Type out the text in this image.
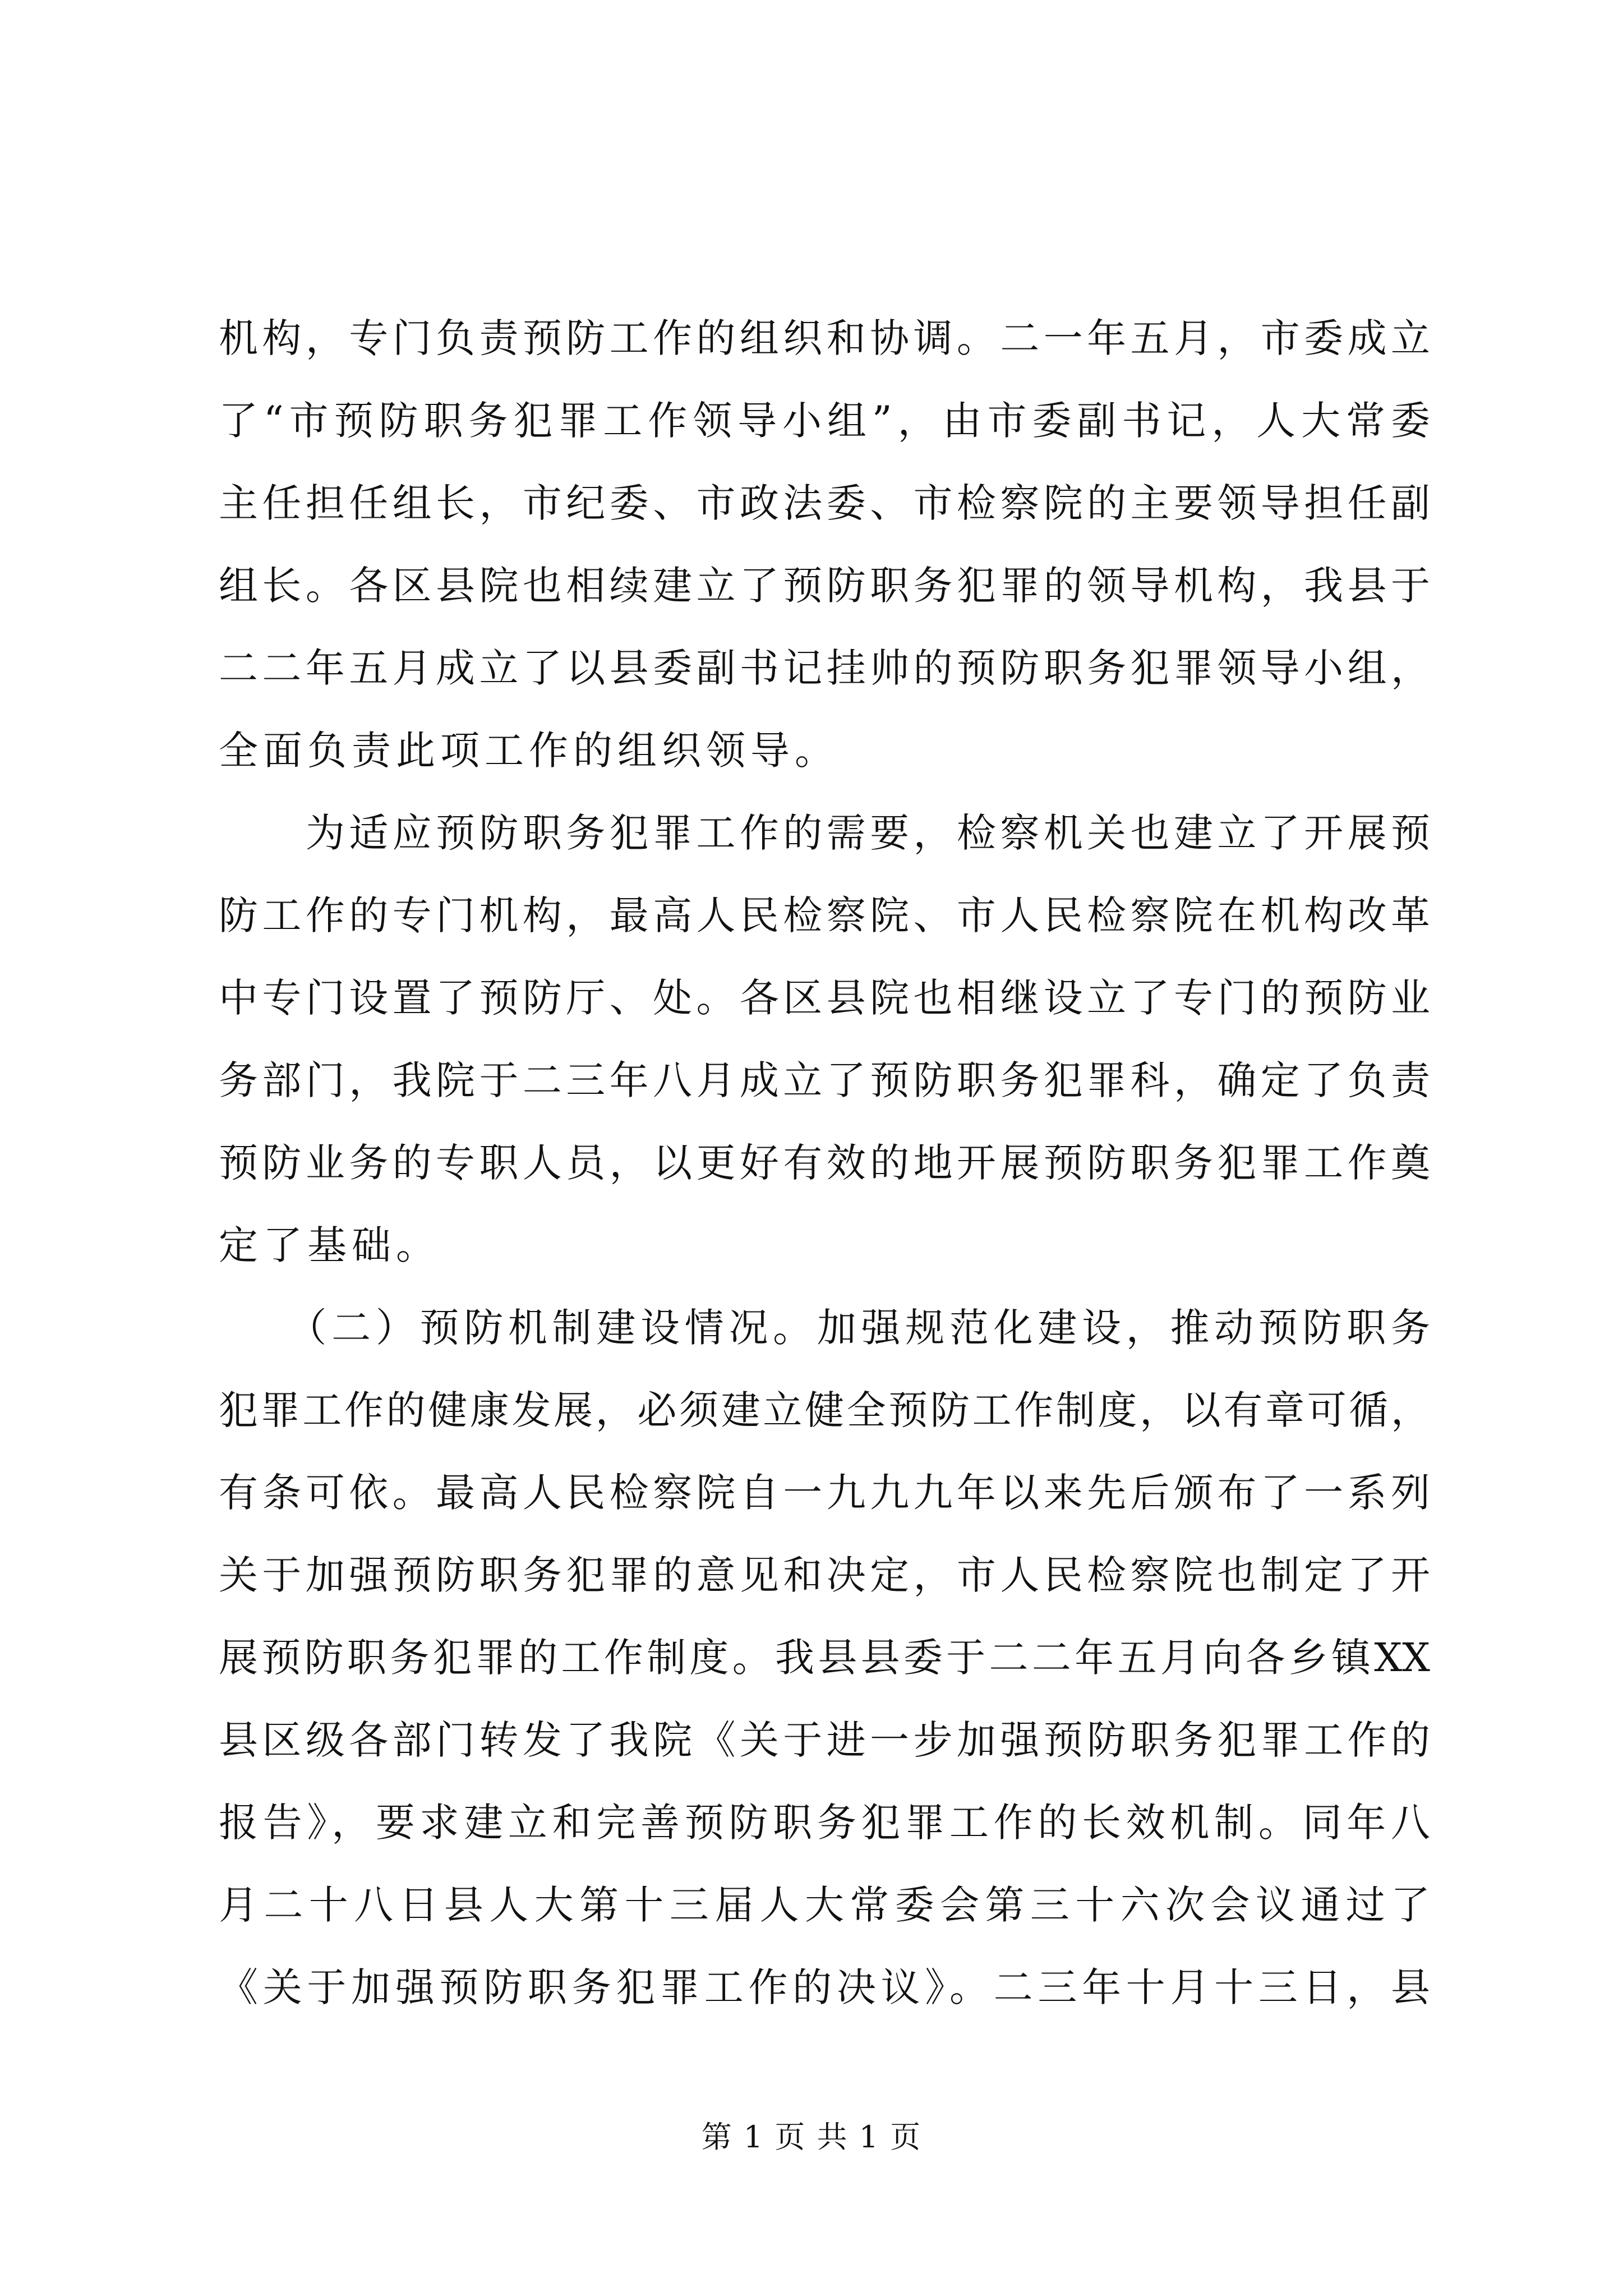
机构，专门负责预防工作的组织和协调。二一年五月，市委成立
了“市预防职务犯罪工作领导小组”，由市委副书记，人大常委
主任担任组长，市纪委、市政法委、市检察院的主要领导担任副
组长。各区县院也相续建立了预防职务犯罪的领导机构，我县于
二二年五月成立了以县委副书记挂帅的预防职务犯罪领导小组，
全面负责此项工作的组织领导。
　　为适应预防职务犯罪工作的需要，检察机关也建立了开展预
防工作的专门机构，最高人民检察院、市人民检察院在机构改革
中专门设置了预防厅、处。各区县院也相继设立了专门的预防业
务部门，我院于二三年八月成立了预防职务犯罪科，确定了负责
预防业务的专职人员，以更好有效的地开展预防职务犯罪工作奠
定了基础。
　　（二）预防机制建设情况。加强规范化建设，推动预防职务
犯罪工作的健康发展，必须建立健全预防工作制度，以有章可循，
有条可依。最高人民检察院自一九九九年以来先后颁布了一系列
关于加强预防职务犯罪的意见和决定，市人民检察院也制定了开
展预防职务犯罪的工作制度。我县县委于二二年五月向各乡镇XX
县区级各部门转发了我院《关于进一步加强预防职务犯罪工作的
报告》，要求建立和完善预防职务犯罪工作的长效机制。同年八
月二十八日县人大第十三届人大常委会第三十六次会议通过了
《关于加强预防职务犯罪工作的决议》。二三年十月十三日，县
第 1 页 共 1 页
